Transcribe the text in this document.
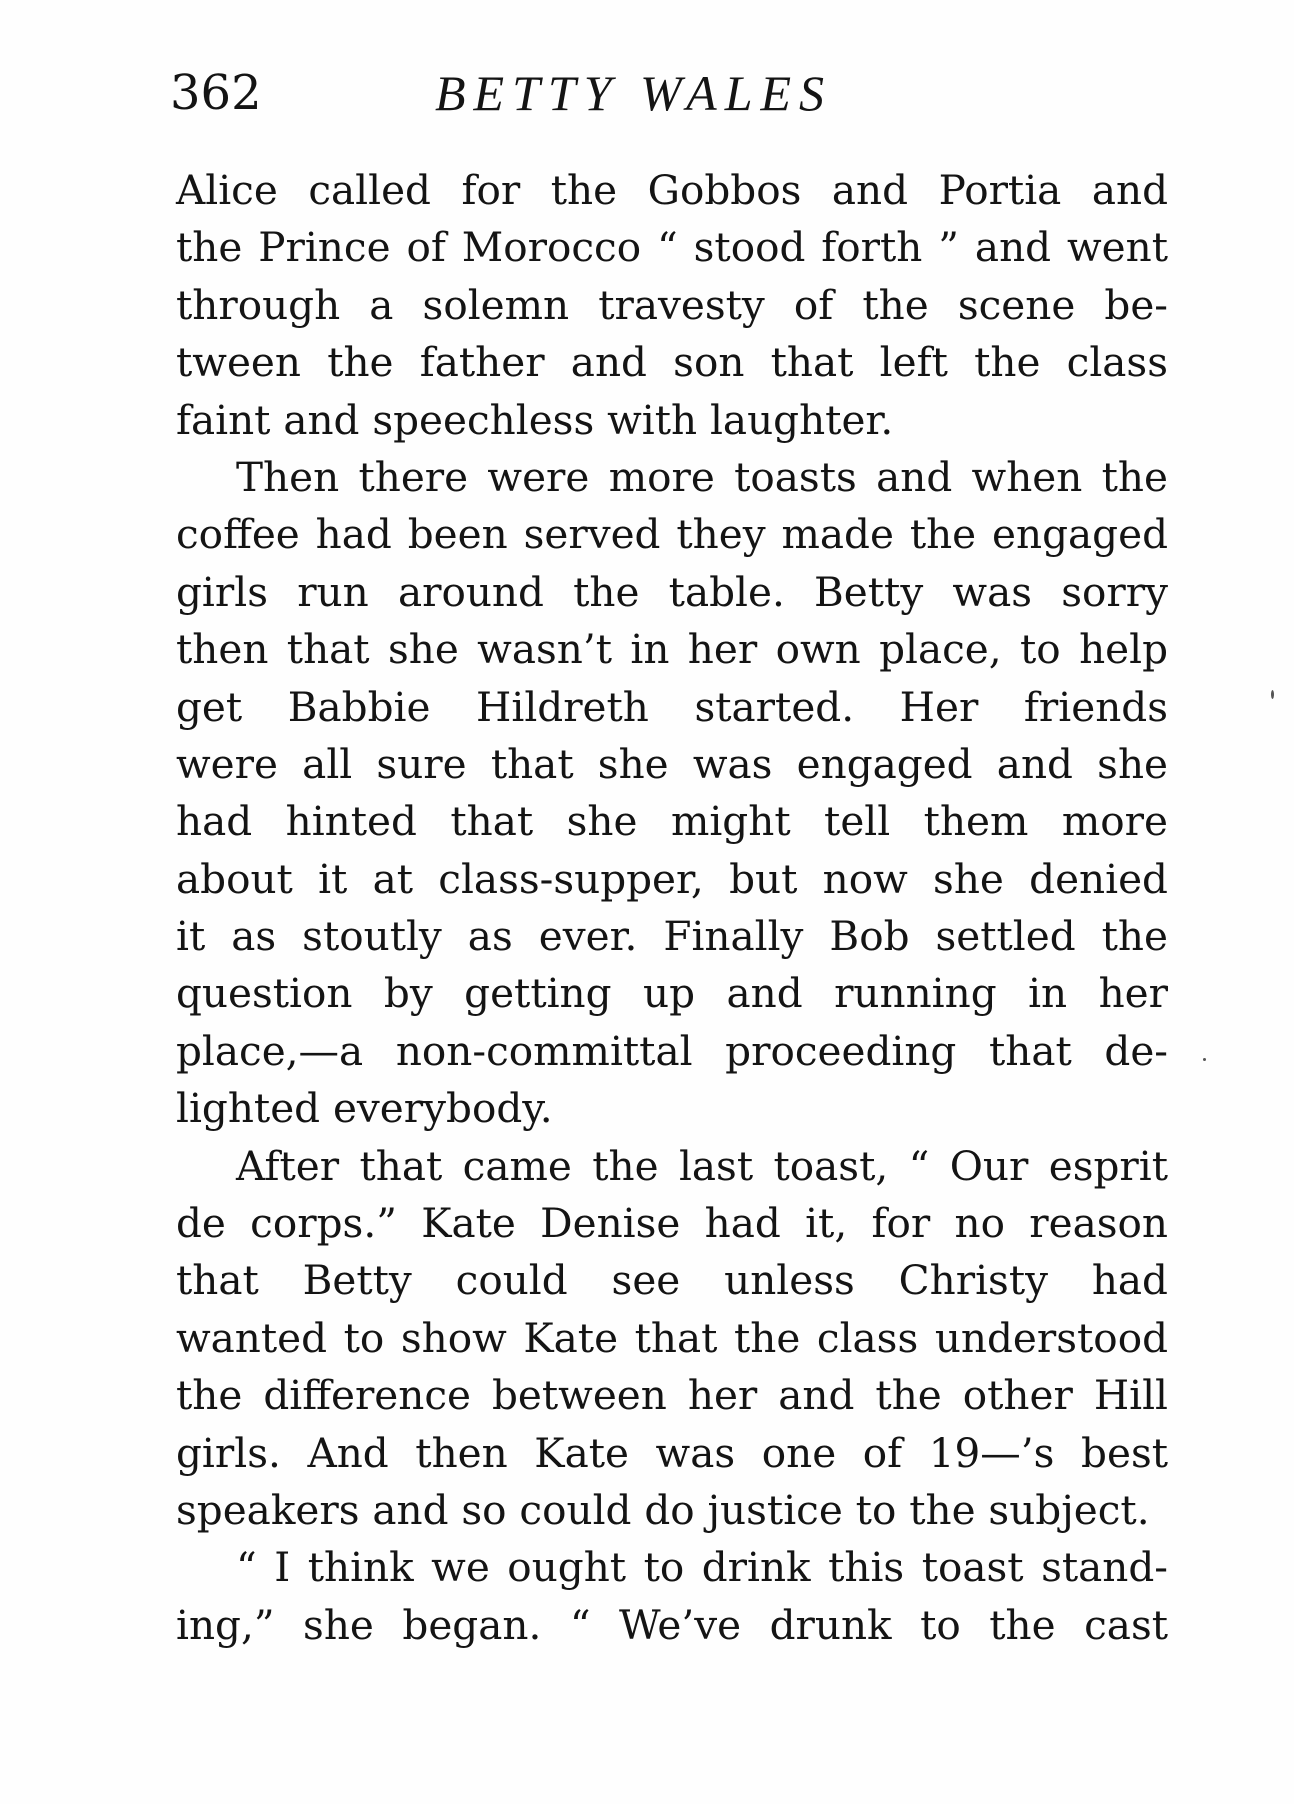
362	BETTY WALES
Alice called for the Gobbos and Portia and
the Prince of Morocco “ stood forth ” and went
through a solemn travesty of the scene be-
tween the father and son that left the class
faint and speechless with laughter.
Then there were more toasts and when the
coffee had been served they made the engaged
girls run around the table. Betty was sorry
then that she wasn’t in her own place, to help
get Babbie Hildreth started. Her friends
were all sure that she was engaged and she
had hinted that she might tell them more
about it at class-supper, but now she denied
it as stoutly as ever. Finally Bob settled the
question by getting up and running in her
place,—a non-committal proceeding that de-
lighted everybody.
After that came the last toast, “ Our esprit
de corps.” Kate Denise had it, for no reason
that Betty could see unless Christy had
wanted to show Kate that the class understood
the difference between her and the other Hill
girls. And then Kate was one of 19—’s best
speakers and so could do justice to the subject.
“ I think we ought to drink this toast stand-
ing,” she began. “ We’ve drunk to the cast
